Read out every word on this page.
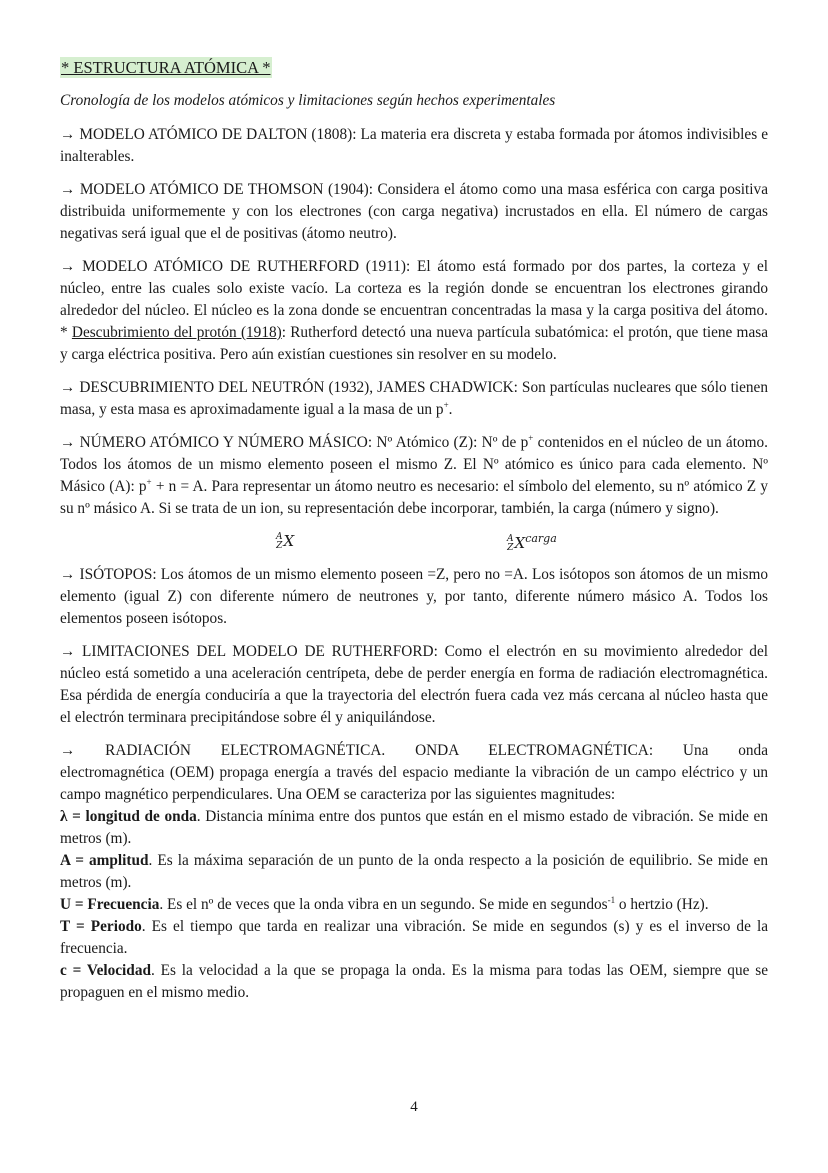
* ESTRUCTURA ATÓMICA *
Cronología de los modelos atómicos y limitaciones según hechos experimentales

→ MODELO ATÓMICO DE DALTON (1808): La materia era discreta y estaba formada por átomos indivisibles e inalterables.

→ MODELO ATÓMICO DE THOMSON (1904): Considera el átomo como una masa esférica con carga positiva distribuida uniformemente y con los electrones (con carga negativa) incrustados en ella. El número de cargas negativas será igual que el de positivas (átomo neutro).

→ MODELO ATÓMICO DE RUTHERFORD (1911): El átomo está formado por dos partes, la corteza y el núcleo, entre las cuales solo existe vacío. La corteza es la región donde se encuentran los electrones girando alrededor del núcleo. El núcleo es la zona donde se encuentran concentradas la masa y la carga positiva del átomo. * Descubrimiento del protón (1918): Rutherford detectó una nueva partícula subatómica: el protón, que tiene masa y carga eléctrica positiva. Pero aún existían cuestiones sin resolver en su modelo.

→ DESCUBRIMIENTO DEL NEUTRÓN (1932), JAMES CHADWICK: Son partículas nucleares que sólo tienen masa, y esta masa es aproximadamente igual a la masa de un p+.

→ NÚMERO ATÓMICO Y NÚMERO MÁSICO: Nº Atómico (Z): Nº de p+ contenidos en el núcleo de un átomo. Todos los átomos de un mismo elemento poseen el mismo Z. El Nº atómico es único para cada elemento. Nº Másico (A): p+ + n = A. Para representar un átomo neutro es necesario: el símbolo del elemento, su nº atómico Z y su nº másico A. Si se trata de un ion, su representación debe incorporar, también, la carga (número y signo).

A
Z X	A
Z $X^{carga}$

→ ISÓTOPOS: Los átomos de un mismo elemento poseen =Z, pero no =A. Los isótopos son átomos de un mismo elemento (igual Z) con diferente número de neutrones y, por tanto, diferente número másico A. Todos los elementos poseen isótopos.

→ LIMITACIONES DEL MODELO DE RUTHERFORD: Como el electrón en su movimiento alrededor del núcleo está sometido a una aceleración centrípeta, debe de perder energía en forma de radiación electromagnética. Esa pérdida de energía conduciría a que la trayectoria del electrón fuera cada vez más cercana al núcleo hasta que el electrón terminara precipitándose sobre él y aniquilándose.

→ RADIACIÓN ELECTROMAGNÉTICA. ONDA ELECTROMAGNÉTICA: Una onda

electromagnética (OEM) propaga energía a través del espacio mediante la vibración de un campo eléctrico y un campo magnético perpendiculares. Una OEM se caracteriza por las siguientes magnitudes:

λ = longitud de onda. Distancia mínima entre dos puntos que están en el mismo estado de vibración. Se mide en metros (m).

A = amplitud. Es la máxima separación de un punto de la onda respecto a la posición de equilibrio. Se mide en metros (m).

U = Frecuencia. Es el nº de veces que la onda vibra en un segundo. Se mide en segundos$^{-1}$ o hertzio (Hz).

T = Periodo. Es el tiempo que tarda en realizar una vibración. Se mide en segundos (s) y es el inverso de la frecuencia.

c = Velocidad. Es la velocidad a la que se propaga la onda. Es la misma para todas las OEM, siempre que se propaguen en el mismo medio.

4
